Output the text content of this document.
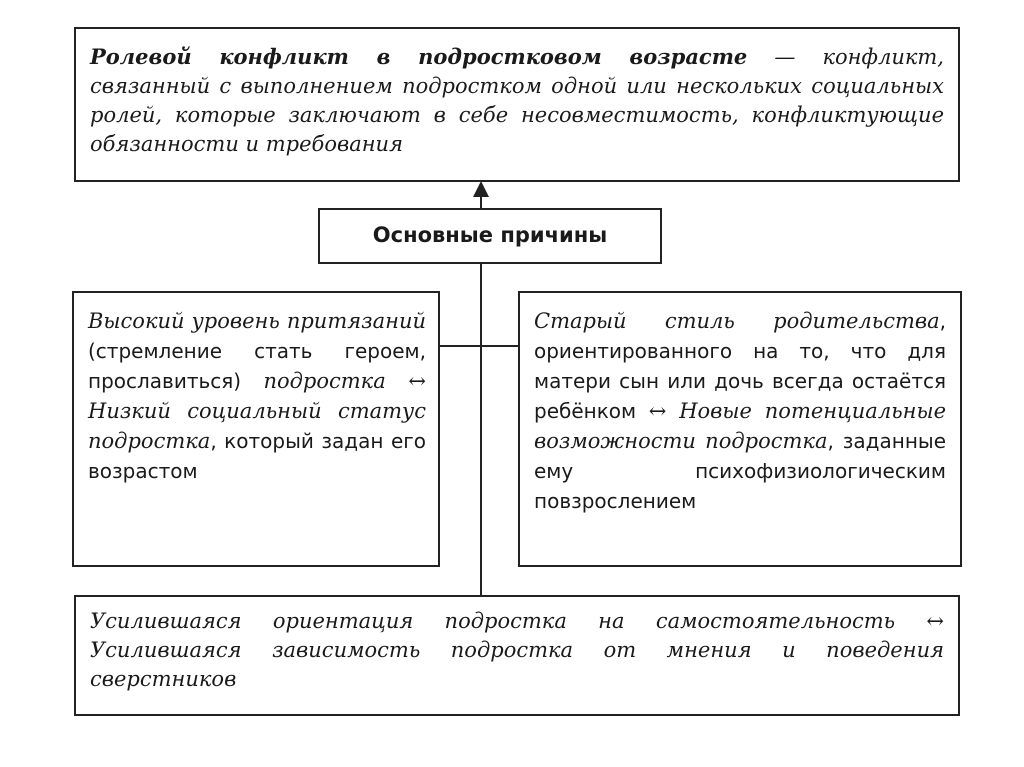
Ролевой конфликт в подростковом возрасте — конфликт, связанный с выполнением подростком одной или нескольких социальных ролей, которые заключают в себе несовместимость, конфликтующие обязанности и требования
Основные причины
Высокий уровень притязаний (стремление стать героем, прославиться) подростка ↔ Низкий социальный статус подростка, который задан его возрастом
Старый стиль родительства, ориентированного на то, что для матери сын или дочь всегда остаётся ребёнком ↔ Новые потенциальные возможности подростка, заданные ему психофизиологическим повзрослением
Усилившаяся ориентация подростка на самостоятельность ↔ Усилившаяся зависимость подростка от мнения и поведения сверстников
